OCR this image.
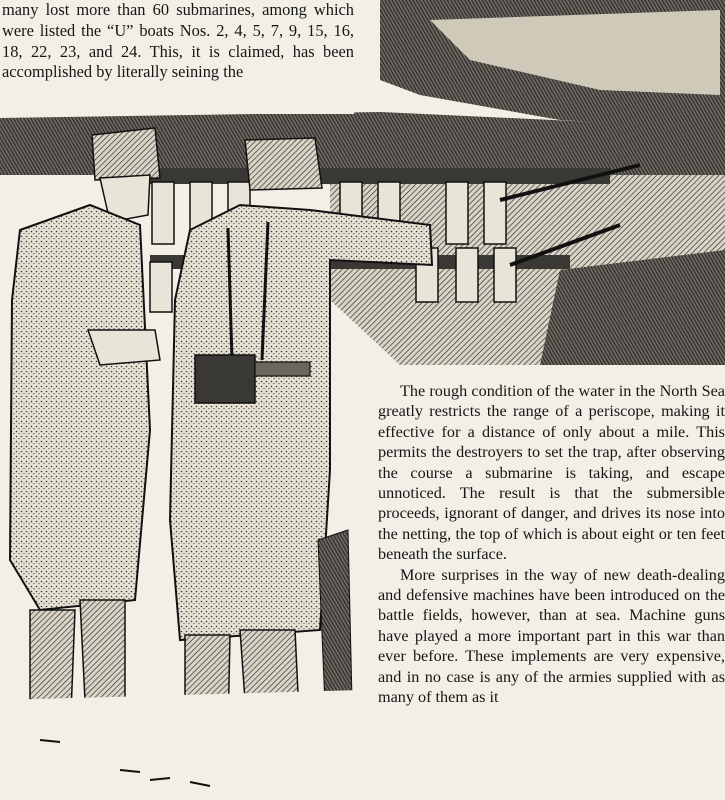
many lost more than 60 submarines, among which were listed the “U” boats Nos. 2, 4, 5, 7, 9, 15, 16, 18, 22, 23, and 24. This, it is claimed, has been accomplished by literally seining the

The rough condition of the water in the North Sea greatly restricts the range of a periscope, making it effective for a distance of only about a mile. This permits the destroyers to set the trap, after observing the course a submarine is taking, and escape unnoticed. The result is that the submersible proceeds, ignorant of danger, and drives its nose into the netting, the top of which is about eight or ten feet beneath the surface.

More surprises in the way of new death-dealing and defensive machines have been introduced on the battle fields, however, than at sea. Machine guns have played a more important part in this war than ever before. These implements are very expensive, and in no case is any of the armies supplied with as many of them as it
